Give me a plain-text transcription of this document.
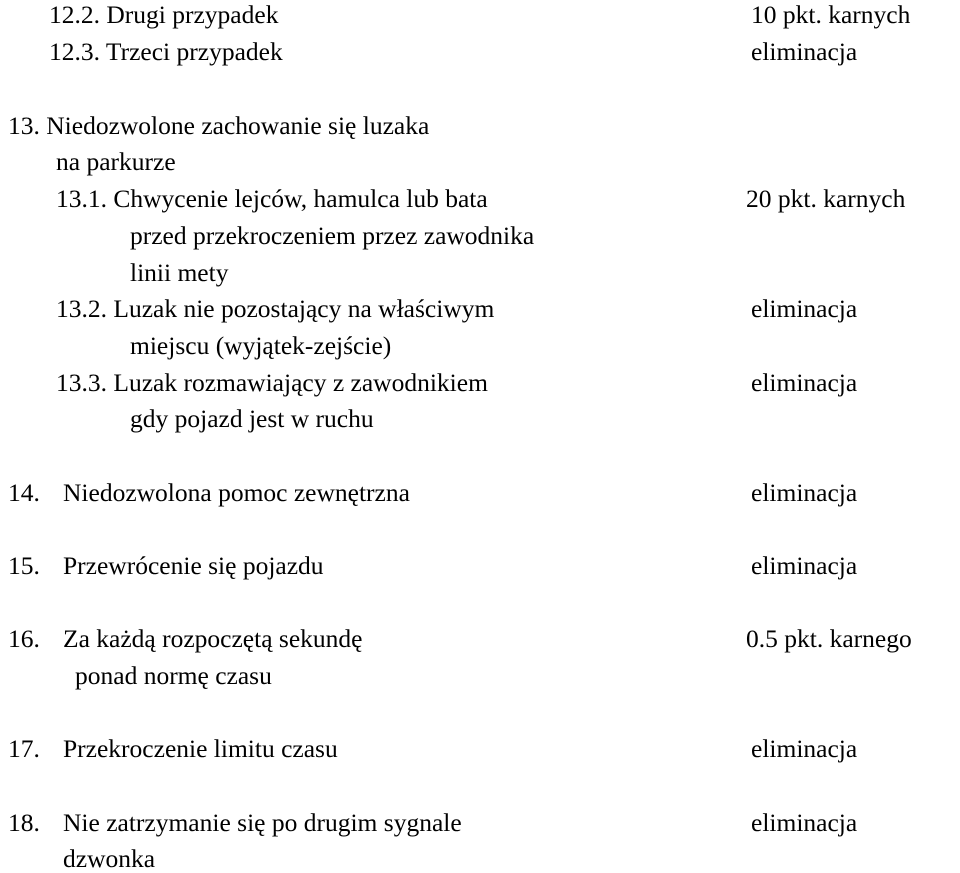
12.2. Drugi przypadek	10 pkt. karnych
12.3. Trzeci przypadek	eliminacja
13. Niedozwolone zachowanie się luzaka
na parkurze
13.1. Chwycenie lejców, hamulca lub bata	20 pkt. karnych
przed przekroczeniem przez zawodnika
linii mety
13.2. Luzak nie pozostający na właściwym	eliminacja
miejscu (wyjątek-zejście)
13.3. Luzak rozmawiający z zawodnikiem	eliminacja
gdy pojazd jest w ruchu
14. Niedozwolona pomoc zewnętrzna	eliminacja
15. Przewrócenie się pojazdu	eliminacja
16. Za każdą rozpoczętą sekundę	0.5 pkt. karnego
ponad normę czasu
17. Przekroczenie limitu czasu	eliminacja
18. Nie zatrzymanie się po drugim sygnale	eliminacja
dzwonka
